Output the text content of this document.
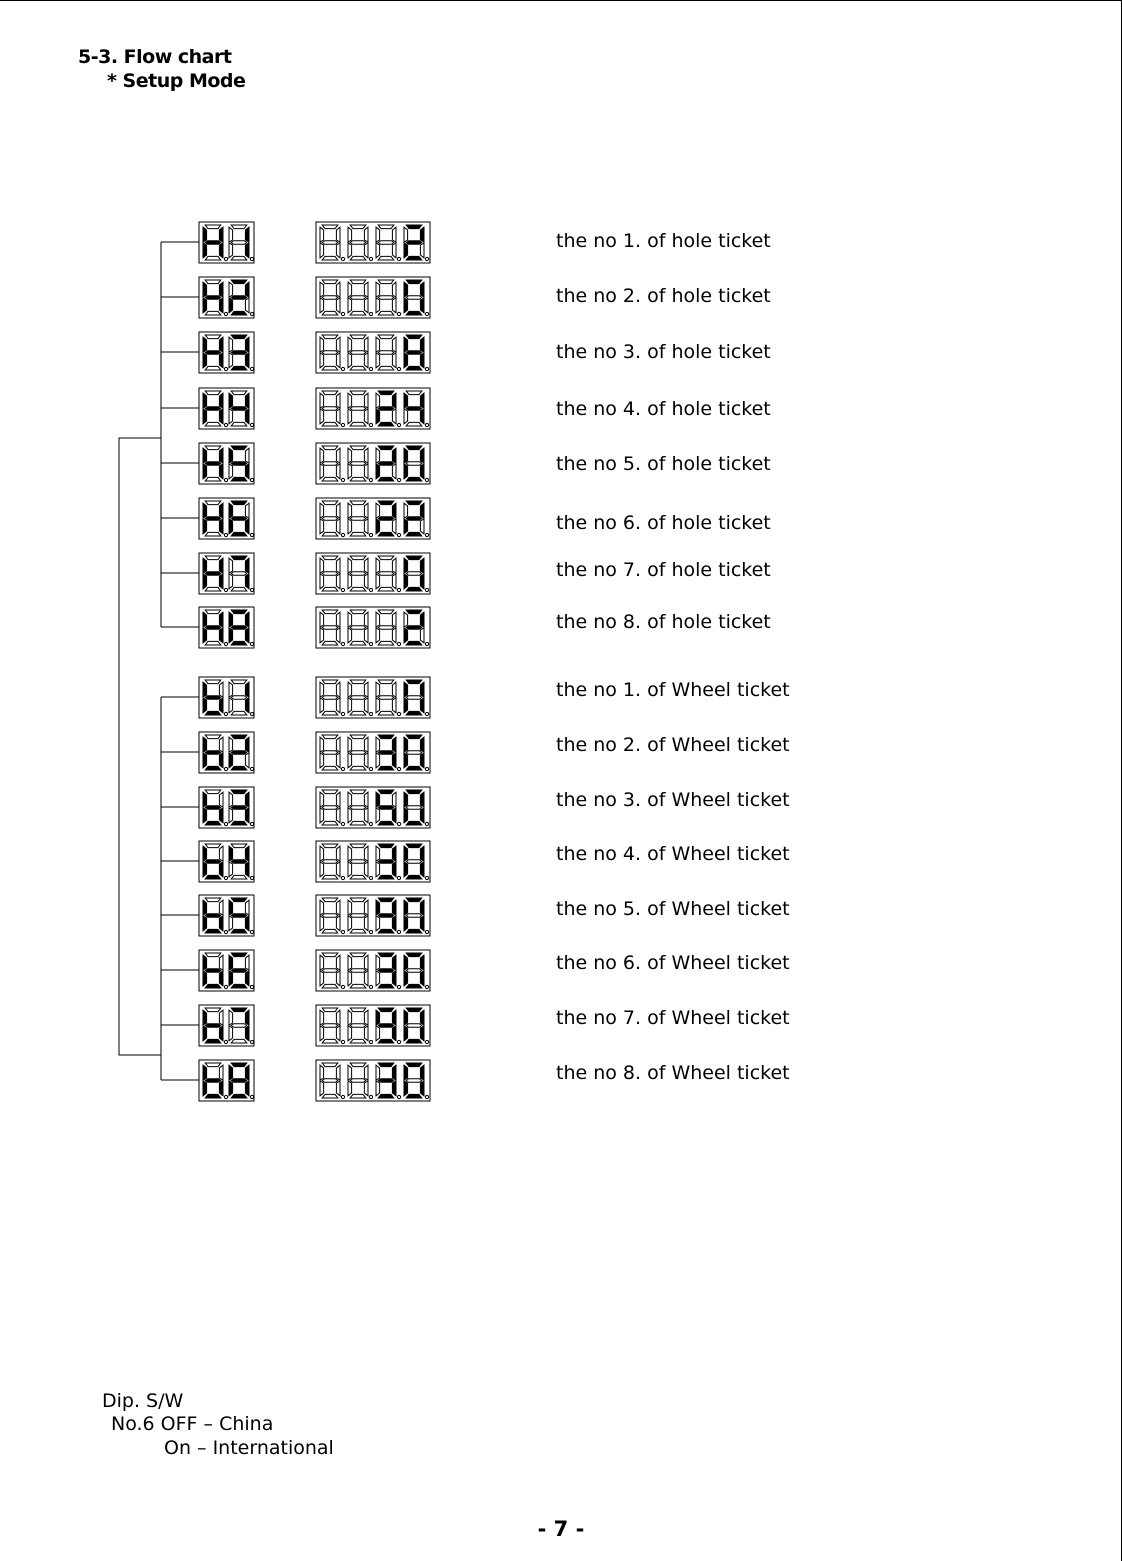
5-3. Flow chart
* Setup Mode
the no 1. of hole ticket
the no 2. of hole ticket
the no 3. of hole ticket
the no 4. of hole ticket
the no 5. of hole ticket
the no 6. of hole ticket
the no 7. of hole ticket
the no 8. of hole ticket
the no 1. of Wheel ticket
the no 2. of Wheel ticket
the no 3. of Wheel ticket
the no 4. of Wheel ticket
the no 5. of Wheel ticket
the no 6. of Wheel ticket
the no 7. of Wheel ticket
the no 8. of Wheel ticket
Dip. S/W
No.6 OFF – China
On – International
- 7 -
